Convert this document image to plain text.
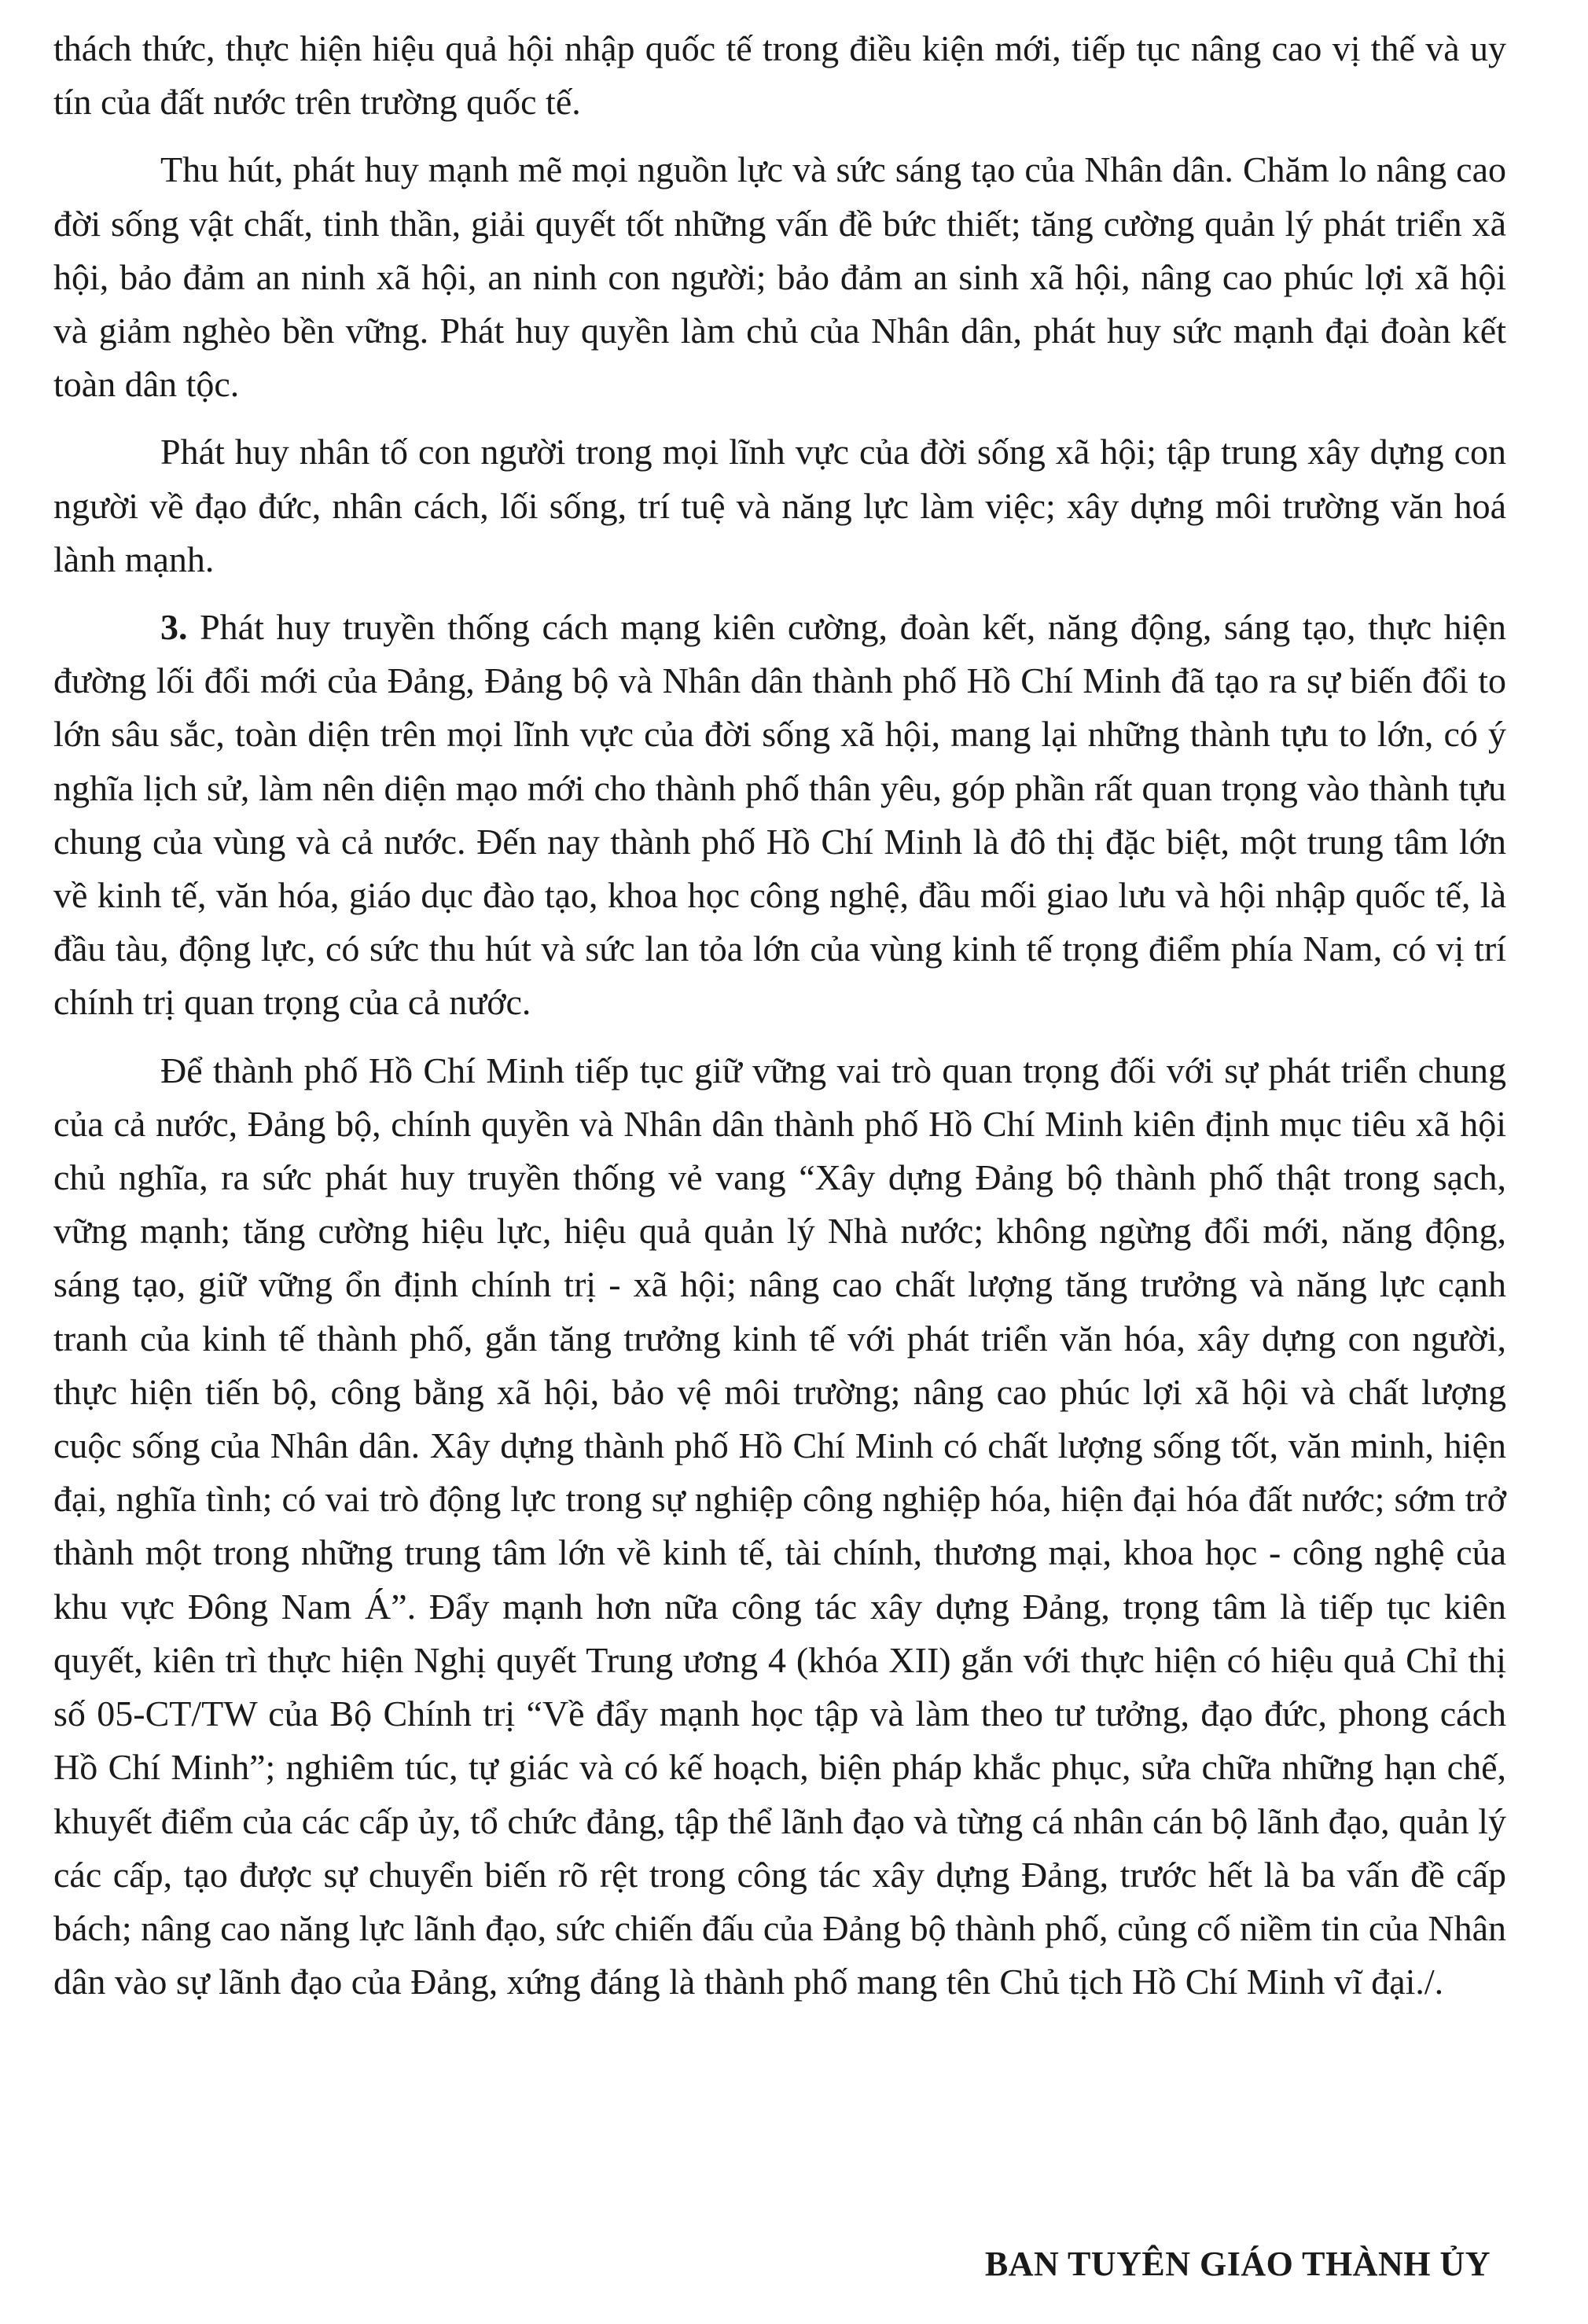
thách thức, thực hiện hiệu quả hội nhập quốc tế trong điều kiện mới, tiếp tục nâng cao vị thế và uy tín của đất nước trên trường quốc tế.

Thu hút, phát huy mạnh mẽ mọi nguồn lực và sức sáng tạo của Nhân dân. Chăm lo nâng cao đời sống vật chất, tinh thần, giải quyết tốt những vấn đề bức thiết; tăng cường quản lý phát triển xã hội, bảo đảm an ninh xã hội, an ninh con người; bảo đảm an sinh xã hội, nâng cao phúc lợi xã hội và giảm nghèo bền vững. Phát huy quyền làm chủ của Nhân dân, phát huy sức mạnh đại đoàn kết toàn dân tộc.

Phát huy nhân tố con người trong mọi lĩnh vực của đời sống xã hội; tập trung xây dựng con người về đạo đức, nhân cách, lối sống, trí tuệ và năng lực làm việc; xây dựng môi trường văn hoá lành mạnh.

3. Phát huy truyền thống cách mạng kiên cường, đoàn kết, năng động, sáng tạo, thực hiện đường lối đổi mới của Đảng, Đảng bộ và Nhân dân thành phố Hồ Chí Minh đã tạo ra sự biến đổi to lớn sâu sắc, toàn diện trên mọi lĩnh vực của đời sống xã hội, mang lại những thành tựu to lớn, có ý nghĩa lịch sử, làm nên diện mạo mới cho thành phố thân yêu, góp phần rất quan trọng vào thành tựu chung của vùng và cả nước. Đến nay thành phố Hồ Chí Minh là đô thị đặc biệt, một trung tâm lớn về kinh tế, văn hóa, giáo dục đào tạo, khoa học công nghệ, đầu mối giao lưu và hội nhập quốc tế, là đầu tàu, động lực, có sức thu hút và sức lan tỏa lớn của vùng kinh tế trọng điểm phía Nam, có vị trí chính trị quan trọng của cả nước.

Để thành phố Hồ Chí Minh tiếp tục giữ vững vai trò quan trọng đối với sự phát triển chung của cả nước, Đảng bộ, chính quyền và Nhân dân thành phố Hồ Chí Minh kiên định mục tiêu xã hội chủ nghĩa, ra sức phát huy truyền thống vẻ vang “Xây dựng Đảng bộ thành phố thật trong sạch, vững mạnh; tăng cường hiệu lực, hiệu quả quản lý Nhà nước; không ngừng đổi mới, năng động, sáng tạo, giữ vững ổn định chính trị - xã hội; nâng cao chất lượng tăng trưởng và năng lực cạnh tranh của kinh tế thành phố, gắn tăng trưởng kinh tế với phát triển văn hóa, xây dựng con người, thực hiện tiến bộ, công bằng xã hội, bảo vệ môi trường; nâng cao phúc lợi xã hội và chất lượng cuộc sống của Nhân dân. Xây dựng thành phố Hồ Chí Minh có chất lượng sống tốt, văn minh, hiện đại, nghĩa tình; có vai trò động lực trong sự nghiệp công nghiệp hóa, hiện đại hóa đất nước; sớm trở thành một trong những trung tâm lớn về kinh tế, tài chính, thương mại, khoa học - công nghệ của khu vực Đông Nam Á”. Đẩy mạnh hơn nữa công tác xây dựng Đảng, trọng tâm là tiếp tục kiên quyết, kiên trì thực hiện Nghị quyết Trung ương 4 (khóa XII) gắn với thực hiện có hiệu quả Chỉ thị số 05-CT/TW của Bộ Chính trị “Về đẩy mạnh học tập và làm theo tư tưởng, đạo đức, phong cách Hồ Chí Minh”; nghiêm túc, tự giác và có kế hoạch, biện pháp khắc phục, sửa chữa những hạn chế, khuyết điểm của các cấp ủy, tổ chức đảng, tập thể lãnh đạo và từng cá nhân cán bộ lãnh đạo, quản lý các cấp, tạo được sự chuyển biến rõ rệt trong công tác xây dựng Đảng, trước hết là ba vấn đề cấp bách; nâng cao năng lực lãnh đạo, sức chiến đấu của Đảng bộ thành phố, củng cố niềm tin của Nhân dân vào sự lãnh đạo của Đảng, xứng đáng là thành phố mang tên Chủ tịch Hồ Chí Minh vĩ đại./.

BAN TUYÊN GIÁO THÀNH ỦY
